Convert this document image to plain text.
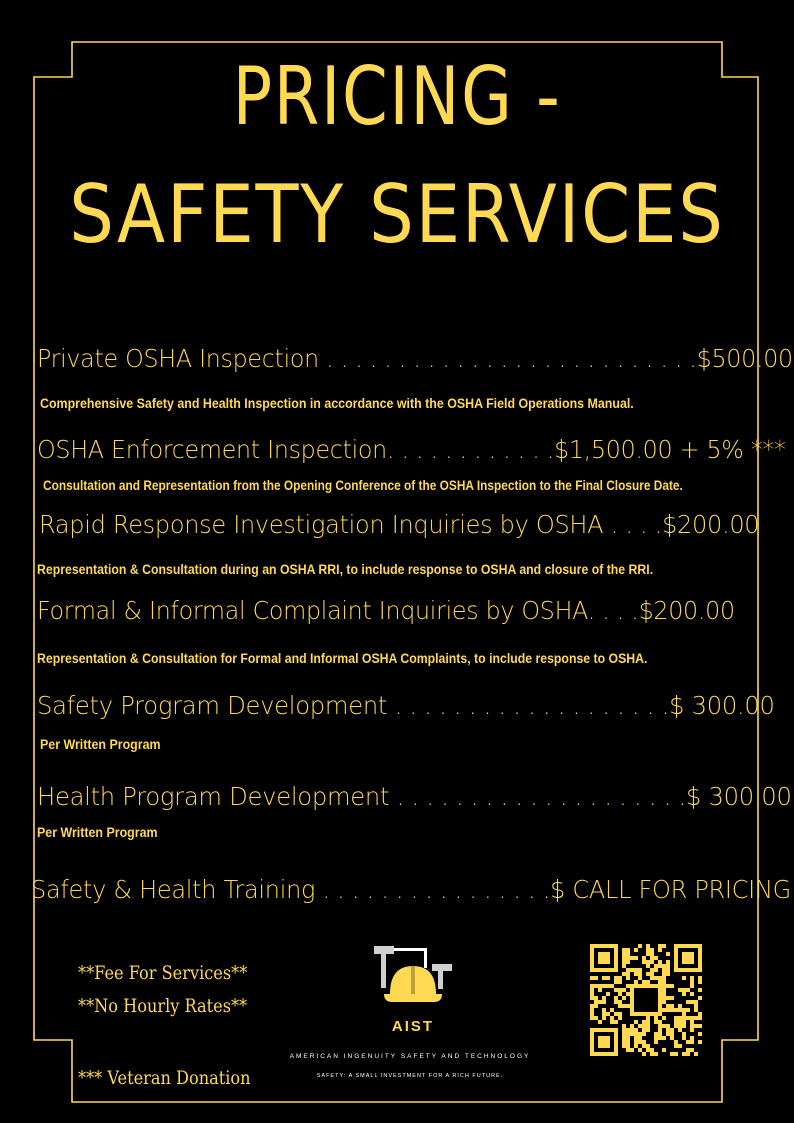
PRICING -
SAFETY SERVICES
Private OSHA Inspection . . . . . . . . . . . . . . . . . . . . . . . . . .$500.00
Comprehensive Safety and Health Inspection in accordance with the OSHA Field Operations Manual.
OSHA Enforcement Inspection. . . . . . . . . . . .$1,500.00 + 5% ***
Consultation and Representation from the Opening Conference of the OSHA Inspection to the Final Closure Date.
Rapid Response Investigation Inquiries by OSHA . . . .$200.00
Representation & Consultation during an OSHA RRI, to include response to OSHA and closure of the RRI.
Formal & Informal Complaint Inquiries by OSHA. . . .$200.00
Representation & Consultation for Formal and Informal OSHA Complaints, to include response to OSHA.
Safety Program Development . . . . . . . . . . . . . . . . . . .$ 300.00
Per Written Program
Health Program Development . . . . . . . . . . . . . . . . . . . .$ 300.00
Per Written Program
Safety & Health Training . . . . . . . . . . . . . . . .$ CALL FOR PRICING
**Fee For Services**
**No Hourly Rates**
*** Veteran Donation
AIST
AMERICAN INGENUITY SAFETY AND TECHNOLOGY
SAFETY: A SMALL INVESTMENT FOR A RICH FUTURE.
